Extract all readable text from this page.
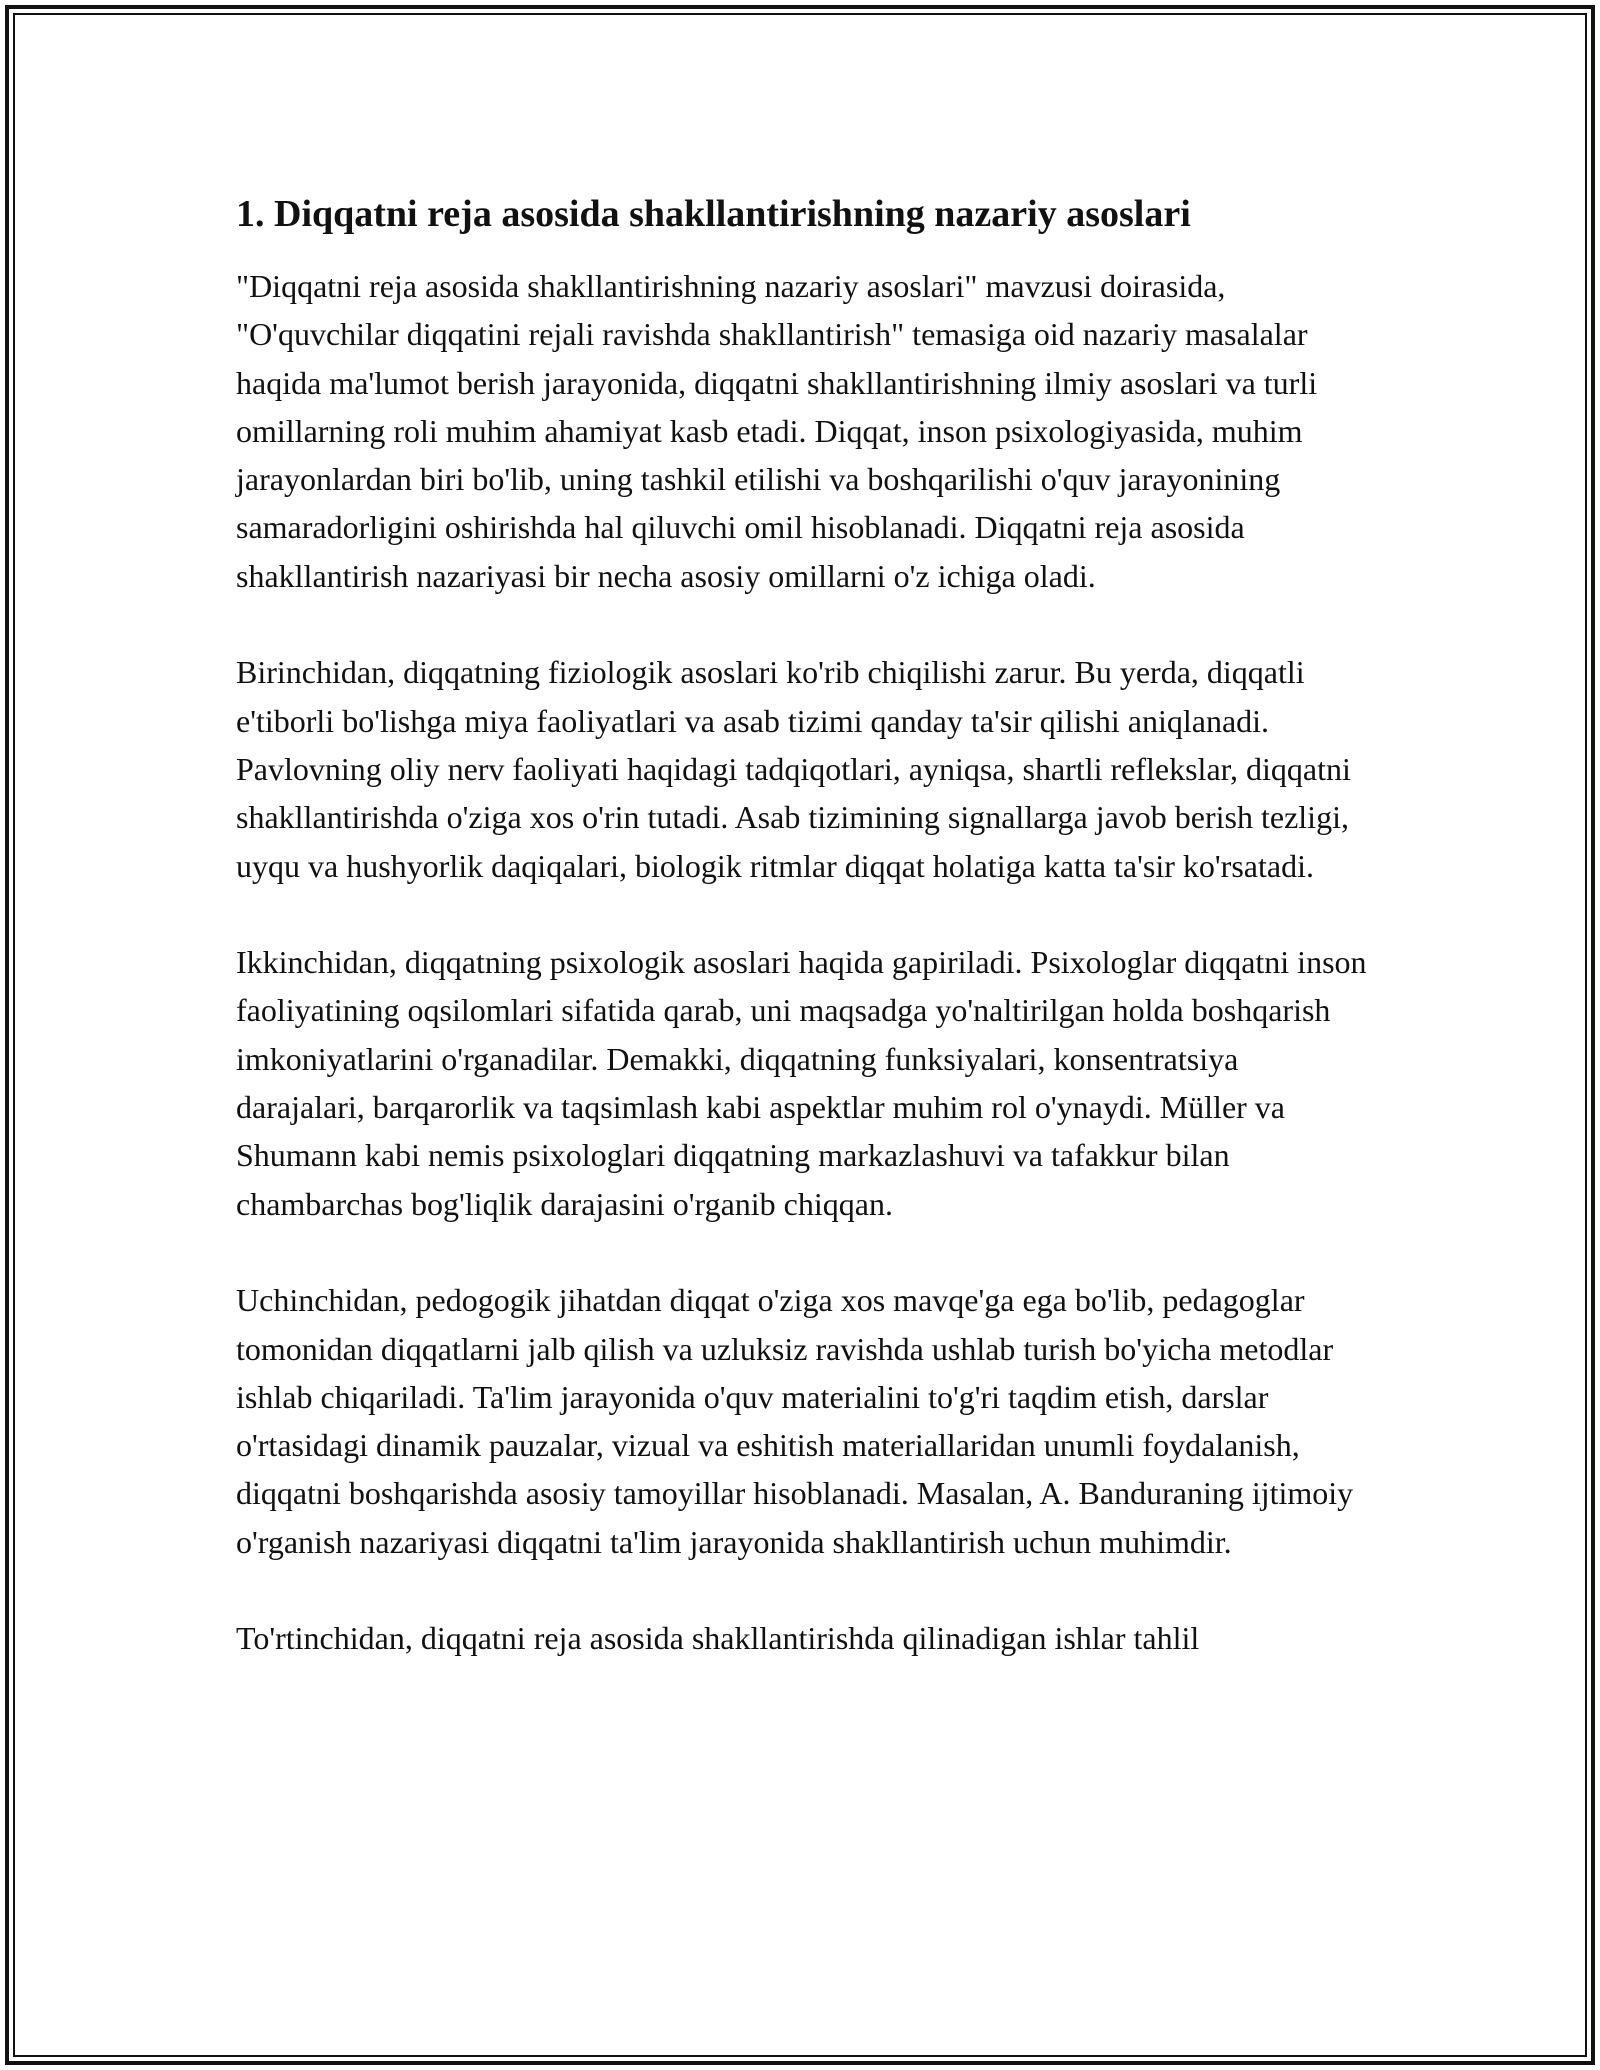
1. Diqqatni reja asosida shakllantirishning nazariy asoslari

"Diqqatni reja asosida shakllantirishning nazariy asoslari" mavzusi doirasida, "O'quvchilar diqqatini rejali ravishda shakllantirish" temasiga oid nazariy masalalar haqida ma'lumot berish jarayonida, diqqatni shakllantirishning ilmiy asoslari va turli omillarning roli muhim ahamiyat kasb etadi. Diqqat, inson psixologiyasida, muhim jarayonlardan biri bo'lib, uning tashkil etilishi va boshqarilishi o'quv jarayonining samaradorligini oshirishda hal qiluvchi omil hisoblanadi. Diqqatni reja asosida shakllantirish nazariyasi bir necha asosiy omillarni o'z ichiga oladi.

Birinchidan, diqqatning fiziologik asoslari ko'rib chiqilishi zarur. Bu yerda, diqqatli e'tiborli bo'lishga miya faoliyatlari va asab tizimi qanday ta'sir qilishi aniqlanadi. Pavlovning oliy nerv faoliyati haqidagi tadqiqotlari, ayniqsa, shartli reflekslar, diqqatni shakllantirishda o'ziga xos o'rin tutadi. Asab tizimining signallarga javob berish tezligi, uyqu va hushyorlik daqiqalari, biologik ritmlar diqqat holatiga katta ta'sir ko'rsatadi.

Ikkinchidan, diqqatning psixologik asoslari haqida gapiriladi. Psixologlar diqqatni inson faoliyatining oqsilomlari sifatida qarab, uni maqsadga yo'naltirilgan holda boshqarish imkoniyatlarini o'rganadilar. Demakki, diqqatning funksiyalari, konsentratsiya darajalari, barqarorlik va taqsimlash kabi aspektlar muhim rol o'ynaydi. Müller va Shumann kabi nemis psixologlari diqqatning markazlashuvi va tafakkur bilan chambarchas bog'liqlik darajasini o'rganib chiqqan.

Uchinchidan, pedogogik jihatdan diqqat o'ziga xos mavqe'ga ega bo'lib, pedagoglar tomonidan diqqatlarni jalb qilish va uzluksiz ravishda ushlab turish bo'yicha metodlar ishlab chiqariladi. Ta'lim jarayonida o'quv materialini to'g'ri taqdim etish, darslar o'rtasidagi dinamik pauzalar, vizual va eshitish materiallaridan unumli foydalanish, diqqatni boshqarishda asosiy tamoyillar hisoblanadi. Masalan, A. Banduraning ijtimoiy o'rganish nazariyasi diqqatni ta'lim jarayonida shakllantirish uchun muhimdir.

To'rtinchidan, diqqatni reja asosida shakllantirishda qilinadigan ishlar tahlil
